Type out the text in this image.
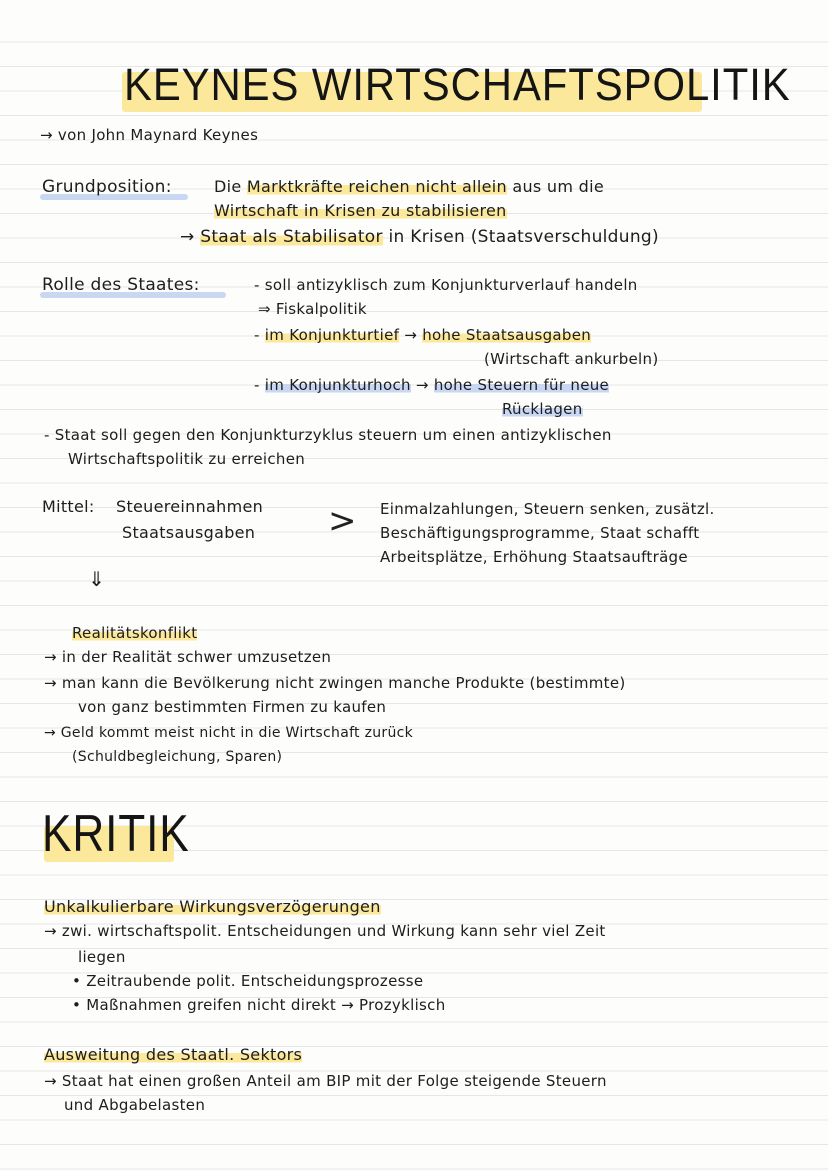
KEYNES WIRTSCHAFTSPOLITIK
→ von John Maynard Keynes
Grundposition:	Die Marktkräfte reichen nicht allein aus um die
Wirtschaft in Krisen zu stabilisieren
→ Staat als Stabilisator in Krisen (Staatsverschuldung)
Rolle des Staates:	- soll antizyklisch zum Konjunkturverlauf handeln
⇒ Fiskalpolitik
- im Konjunkturtief → hohe Staatsausgaben
(Wirtschaft ankurbeln)
- im Konjunkturhoch → hohe Steuern für neue
Rücklagen
- Staat soll gegen den Konjunkturzyklus steuern um einen antizyklischen
Wirtschaftspolitik zu erreichen
Mittel: Steuereinnahmen
Staatsausgaben > Einmalzahlungen, Steuern senken, zusätzl.
Beschäftigungsprogramme, Staat schafft
Arbeitsplätze, Erhöhung Staatsaufträge
⇓
Realitätskonflikt
→ in der Realität schwer umzusetzen
→ man kann die Bevölkerung nicht zwingen manche Produkte (bestimmte)
von ganz bestimmten Firmen zu kaufen
→ Geld kommt meist nicht in die Wirtschaft zurück
(Schuldbegleichung, Sparen)
KRITIK
Unkalkulierbare Wirkungsverzögerungen
→ zwi. wirtschaftspolit. Entscheidungen und Wirkung kann sehr viel Zeit
liegen
• Zeitraubende polit. Entscheidungsprozesse
• Maßnahmen greifen nicht direkt → Prozyklisch
Ausweitung des Staatl. Sektors
→ Staat hat einen großen Anteil am BIP mit der Folge steigende Steuern
und Abgabelasten
